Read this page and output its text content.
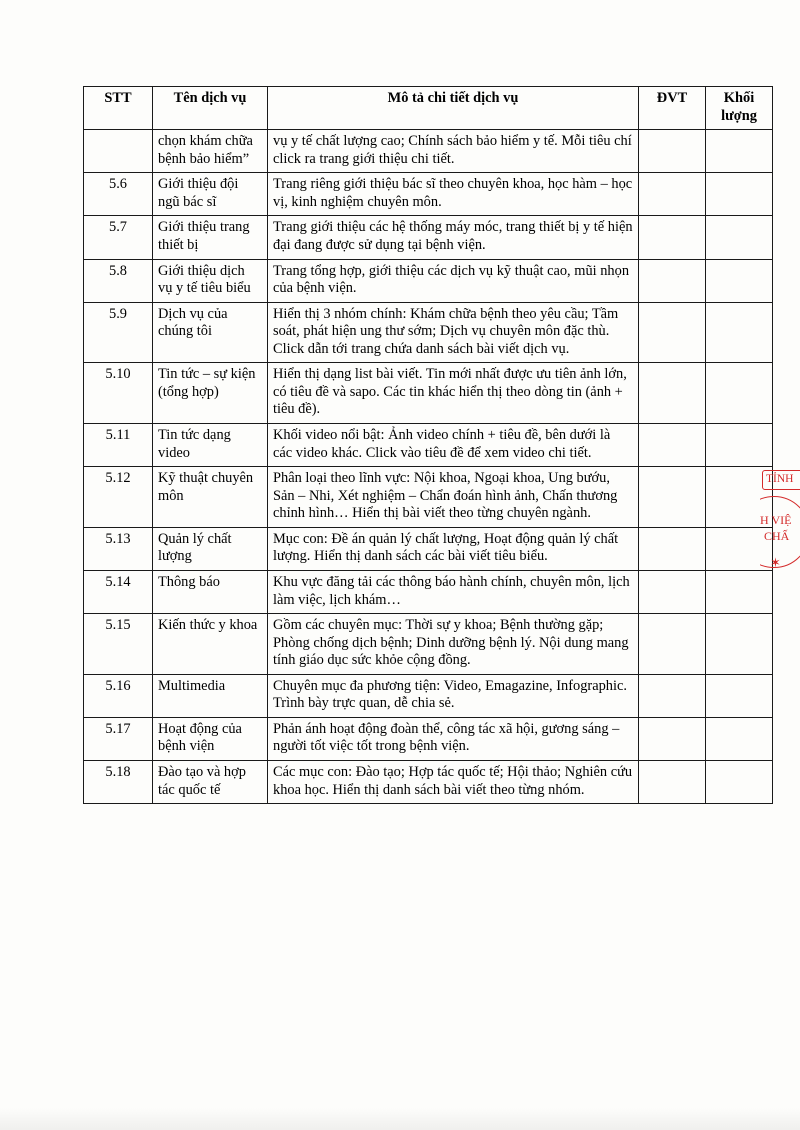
STT	Tên dịch vụ	Mô tả chi tiết dịch vụ	ĐVT	Khối lượng
	chọn khám chữa bệnh bảo hiểm”	vụ y tế chất lượng cao; Chính sách bảo hiểm y tế. Mỗi tiêu chí click ra trang giới thiệu chi tiết.		
5.6	Giới thiệu đội ngũ bác sĩ	Trang riêng giới thiệu bác sĩ theo chuyên khoa, học hàm – học vị, kinh nghiệm chuyên môn.		
5.7	Giới thiệu trang thiết bị	Trang giới thiệu các hệ thống máy móc, trang thiết bị y tế hiện đại đang được sử dụng tại bệnh viện.		
5.8	Giới thiệu dịch vụ y tế tiêu biểu	Trang tổng hợp, giới thiệu các dịch vụ kỹ thuật cao, mũi nhọn của bệnh viện.		
5.9	Dịch vụ của chúng tôi	Hiển thị 3 nhóm chính: Khám chữa bệnh theo yêu cầu; Tầm soát, phát hiện ung thư sớm; Dịch vụ chuyên môn đặc thù. Click dẫn tới trang chứa danh sách bài viết dịch vụ.		
5.10	Tin tức – sự kiện (tổng hợp)	Hiển thị dạng list bài viết. Tin mới nhất được ưu tiên ảnh lớn, có tiêu đề và sapo. Các tin khác hiển thị theo dòng tin (ảnh + tiêu đề).		
5.11	Tin tức dạng video	Khối video nổi bật: Ảnh video chính + tiêu đề, bên dưới là các video khác. Click vào tiêu đề để xem video chi tiết.		
5.12	Kỹ thuật chuyên môn	Phân loại theo lĩnh vực: Nội khoa, Ngoại khoa, Ung bướu, Sản – Nhi, Xét nghiệm – Chẩn đoán hình ảnh, Chấn thương chỉnh hình… Hiển thị bài viết theo từng chuyên ngành.		
5.13	Quản lý chất lượng	Mục con: Đề án quản lý chất lượng, Hoạt động quản lý chất lượng. Hiển thị danh sách các bài viết tiêu biểu.		
5.14	Thông báo	Khu vực đăng tải các thông báo hành chính, chuyên môn, lịch làm việc, lịch khám…		
5.15	Kiến thức y khoa	Gồm các chuyên mục: Thời sự y khoa; Bệnh thường gặp; Phòng chống dịch bệnh; Dinh dưỡng bệnh lý. Nội dung mang tính giáo dục sức khỏe cộng đồng.		
5.16	Multimedia	Chuyên mục đa phương tiện: Video, Emagazine, Infographic. Trình bày trực quan, dễ chia sẻ.		
5.17	Hoạt động của bệnh viện	Phản ánh hoạt động đoàn thể, công tác xã hội, gương sáng – người tốt việc tốt trong bệnh viện.		
5.18	Đào tạo và hợp tác quốc tế	Các mục con: Đào tạo; Hợp tác quốc tế; Hội thảo; Nghiên cứu khoa học. Hiển thị danh sách bài viết theo từng nhóm.		
TỈNH
H VIỆ
CHẤ
✶
